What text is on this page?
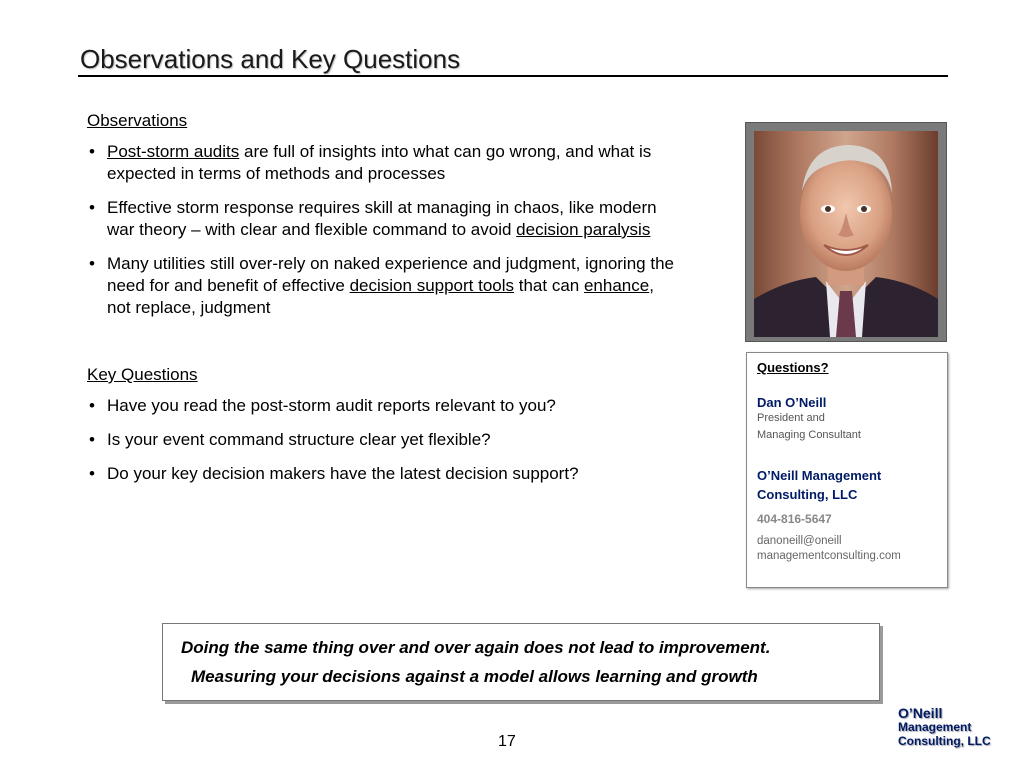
Observations and Key Questions
Observations
• Post-storm audits are full of insights into what can go wrong, and what is expected in terms of methods and processes
• Effective storm response requires skill at managing in chaos, like modern war theory – with clear and flexible command to avoid decision paralysis
• Many utilities still over-rely on naked experience and judgment, ignoring the need for and benefit of effective decision support tools that can enhance, not replace, judgment
Key Questions
• Have you read the post-storm audit reports relevant to you?
• Is your event command structure clear yet flexible?
• Do your key decision makers have the latest decision support?
Questions?
Dan O’Neill
President and
Managing Consultant
O’Neill Management
Consulting, LLC
404-816-5647
danoneill@oneill
managementconsulting.com
Doing the same thing over and over again does not lead to improvement.
Measuring your decisions against a model allows learning and growth
17
O’Neill
Management
Consulting, LLC
